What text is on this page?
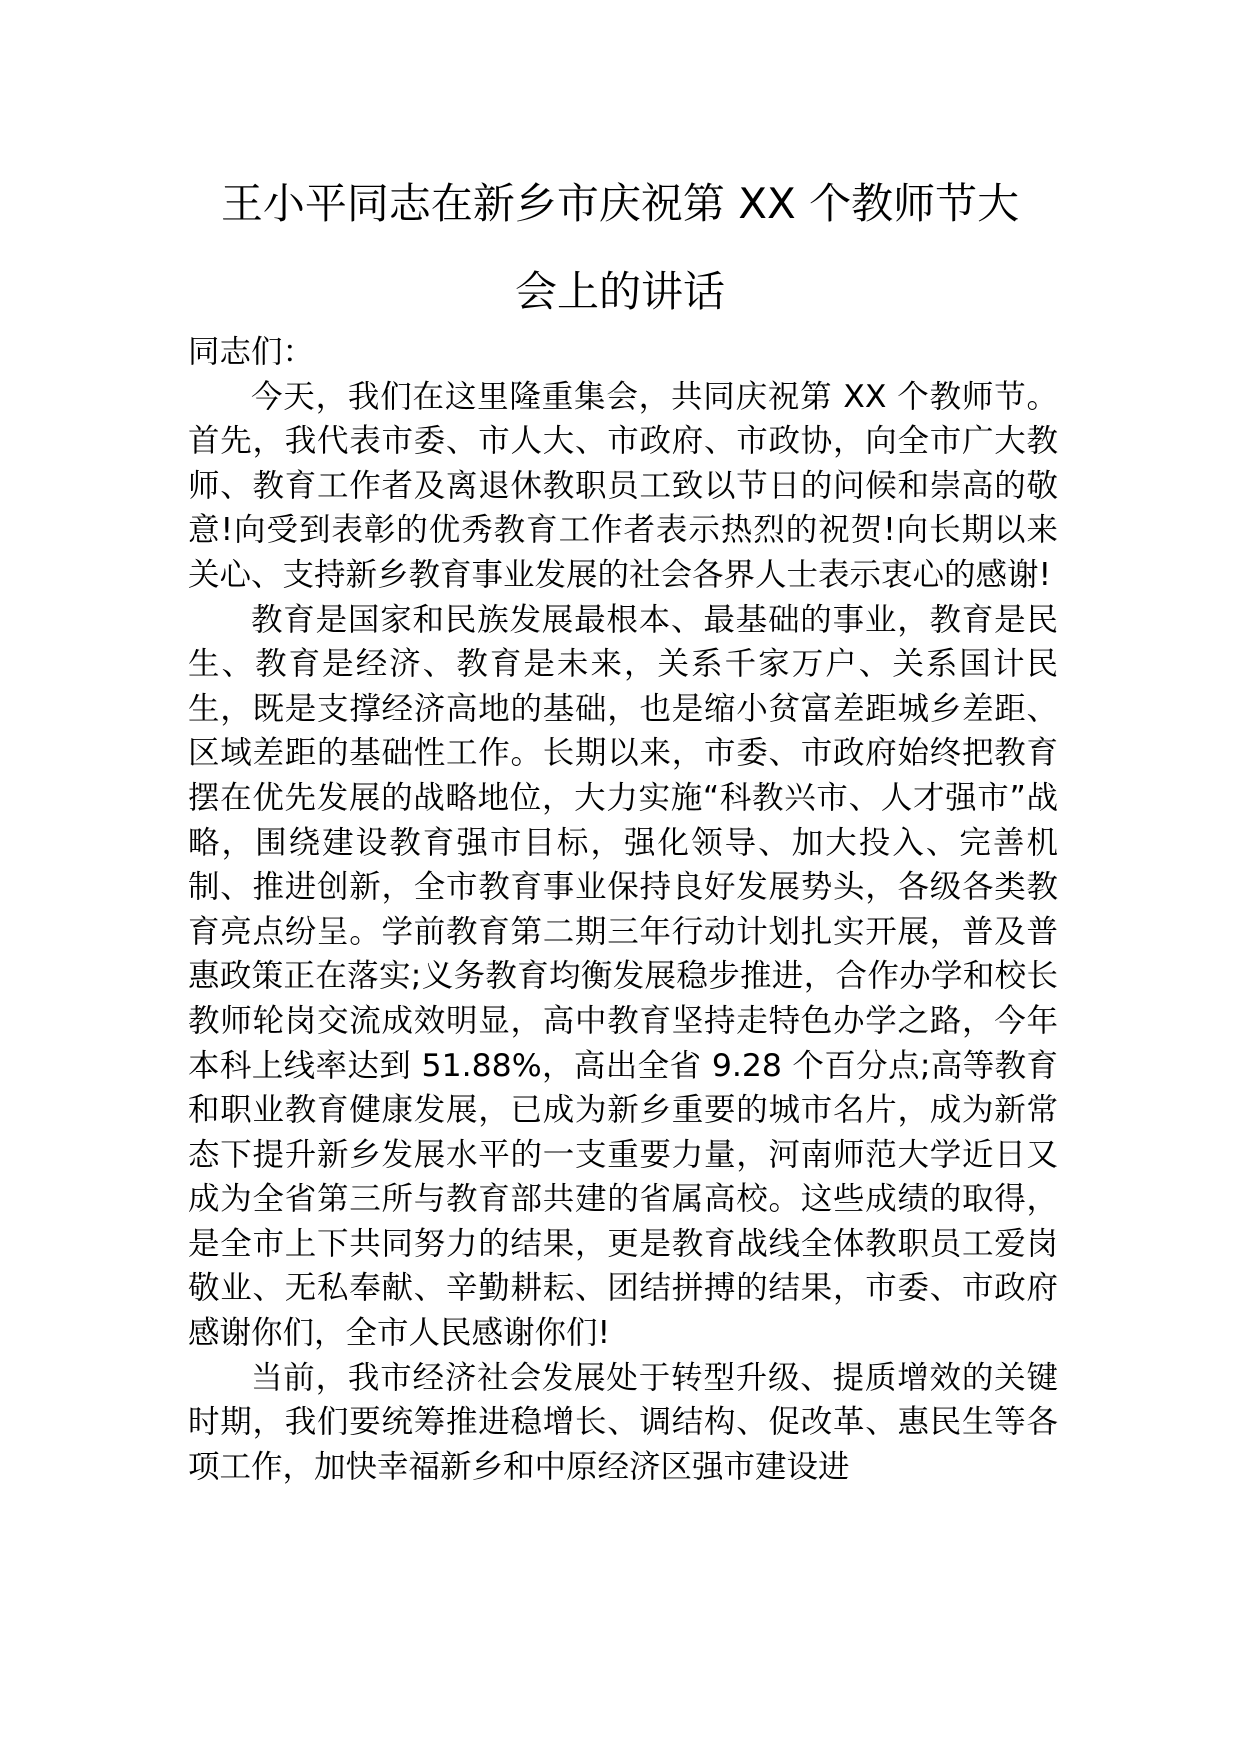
王小平同志在新乡市庆祝第 XX 个教师节大
会上的讲话

同志们：

今天，我们在这里隆重集会，共同庆祝第 XX 个教师节。首先，我代表市委、市人大、市政府、市政协，向全市广大教师、教育工作者及离退休教职员工致以节日的问候和崇高的敬意!向受到表彰的优秀教育工作者表示热烈的祝贺!向长期以来关心、支持新乡教育事业发展的社会各界人士表示衷心的感谢!

教育是国家和民族发展最根本、最基础的事业，教育是民生、教育是经济、教育是未来，关系千家万户、关系国计民生，既是支撑经济高地的基础，也是缩小贫富差距城乡差距、区域差距的基础性工作。长期以来，市委、市政府始终把教育摆在优先发展的战略地位，大力实施“科教兴市、人才强市”战略，围绕建设教育强市目标，强化领导、加大投入、完善机制、推进创新，全市教育事业保持良好发展势头，各级各类教育亮点纷呈。学前教育第二期三年行动计划扎实开展，普及普惠政策正在落实;义务教育均衡发展稳步推进，合作办学和校长教师轮岗交流成效明显，高中教育坚持走特色办学之路，今年本科上线率达到 51.88%，高出全省 9.28 个百分点;高等教育和职业教育健康发展，已成为新乡重要的城市名片，成为新常态下提升新乡发展水平的一支重要力量，河南师范大学近日又成为全省第三所与教育部共建的省属高校。这些成绩的取得，是全市上下共同努力的结果，更是教育战线全体教职员工爱岗敬业、无私奉献、辛勤耕耘、团结拼搏的结果，市委、市政府感谢你们，全市人民感谢你们!

当前，我市经济社会发展处于转型升级、提质增效的关键时期，我们要统筹推进稳增长、调结构、促改革、惠民生等各项工作，加快幸福新乡和中原经济区强市建设进
